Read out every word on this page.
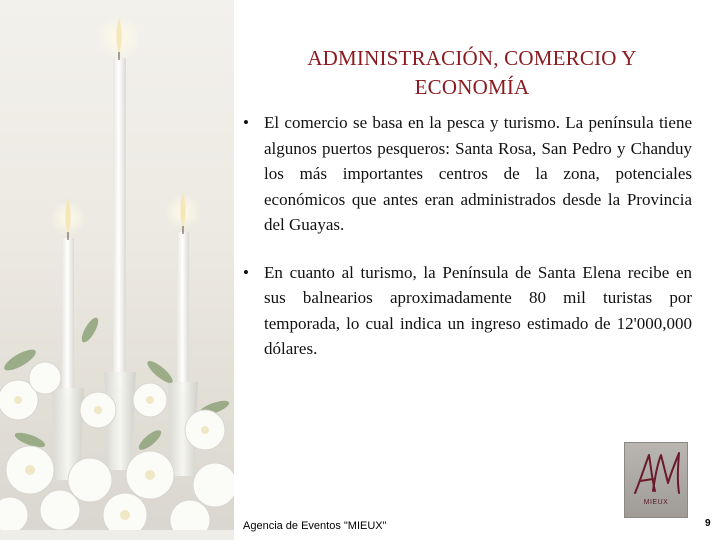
ADMINISTRACIÓN, COMERCIO Y ECONOMÍA
• El comercio se basa en la pesca y turismo. La península tiene algunos puertos pesqueros: Santa Rosa, San Pedro y Chanduy los más importantes centros de la zona, potenciales económicos que antes eran administrados desde la Provincia del Guayas.
• En cuanto al turismo, la Península de Santa Elena recibe en sus balnearios aproximadamente 80 mil turistas por temporada, lo cual indica un ingreso estimado de 12'000,000 dólares.
MIEUX
Agencia de Eventos "MIEUX"	9
